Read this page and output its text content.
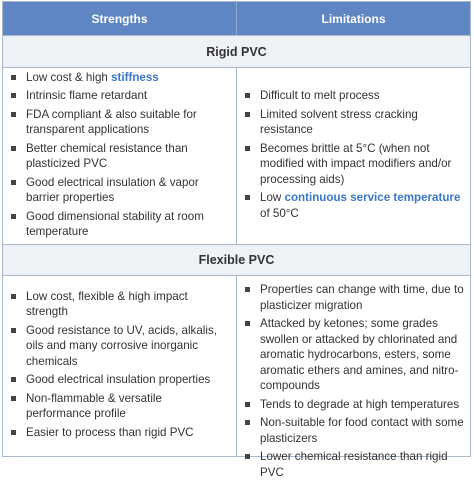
Strengths	Limitations
Rigid PVC
Low cost & high stiffness
Intrinsic flame retardant
FDA compliant & also suitable for transparent applications
Better chemical resistance than plasticized PVC
Good electrical insulation & vapor barrier properties
Good dimensional stability at room temperature
Difficult to melt process
Limited solvent stress cracking resistance
Becomes brittle at 5°C (when not modified with impact modifiers and/or processing aids)
Low continuous service temperature of 50°C
Flexible PVC
Low cost, flexible & high impact strength
Good resistance to UV, acids, alkalis, oils and many corrosive inorganic chemicals
Good electrical insulation properties
Non-flammable & versatile performance profile
Easier to process than rigid PVC
Properties can change with time, due to plasticizer migration
Attacked by ketones; some grades swollen or attacked by chlorinated and aromatic hydrocarbons, esters, some aromatic ethers and amines, and nitro- compounds
Tends to degrade at high temperatures
Non-suitable for food contact with some plasticizers
Lower chemical resistance than rigid PVC
